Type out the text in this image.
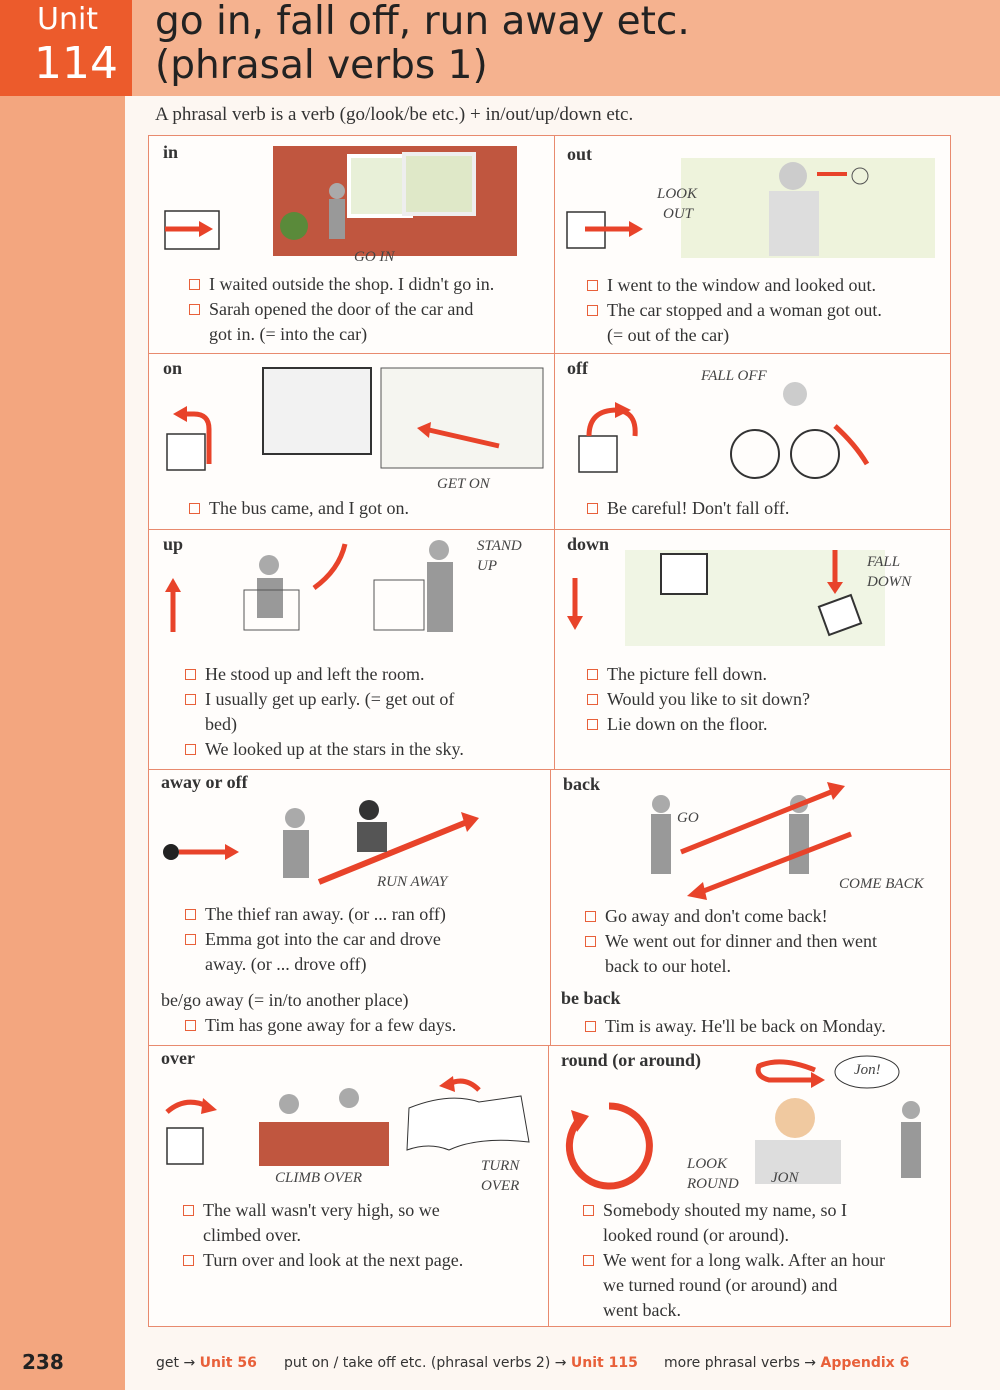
Unit
114
go in, fall off, run away etc.
(phrasal verbs 1)
A phrasal verb is a verb (go/look/be etc.) + in/out/up/down etc.
in
GO IN
I waited outside the shop. I didn't go in.
Sarah opened the door of the car and
got in. (= into the car)
out
LOOK
OUT
I went to the window and looked out.
The car stopped and a woman got out.
(= out of the car)
on
GET ON
The bus came, and I got on.
off	FALL OFF
Be careful! Don't fall off.
up	STAND
UP
He stood up and left the room.
I usually get up early. (= get out of
bed)
We looked up at the stars in the sky.
down
FALL
DOWN
The picture fell down.
Would you like to sit down?
Lie down on the floor.
away or off
RUN AWAY
The thief ran away. (or ... ran off)
Emma got into the car and drove
away. (or ... drove off)
be/go away (= in/to another place)
Tim has gone away for a few days.
back
GO
COME BACK
Go away and don't come back!
We went out for dinner and then went
back to our hotel.
be back
Tim is away. He'll be back on Monday.
over
CLIMB OVER
TURN
OVER
The wall wasn't very high, so we
climbed over.
Turn over and look at the next page.
round (or around)	Jon!
JON
LOOK
ROUND
Somebody shouted my name, so I
looked round (or around).
We went for a long walk. After an hour
we turned round (or around) and
went back.
238	get → Unit 56 put on / take off etc. (phrasal verbs 2) → Unit 115 more phrasal verbs → Appendix 6
